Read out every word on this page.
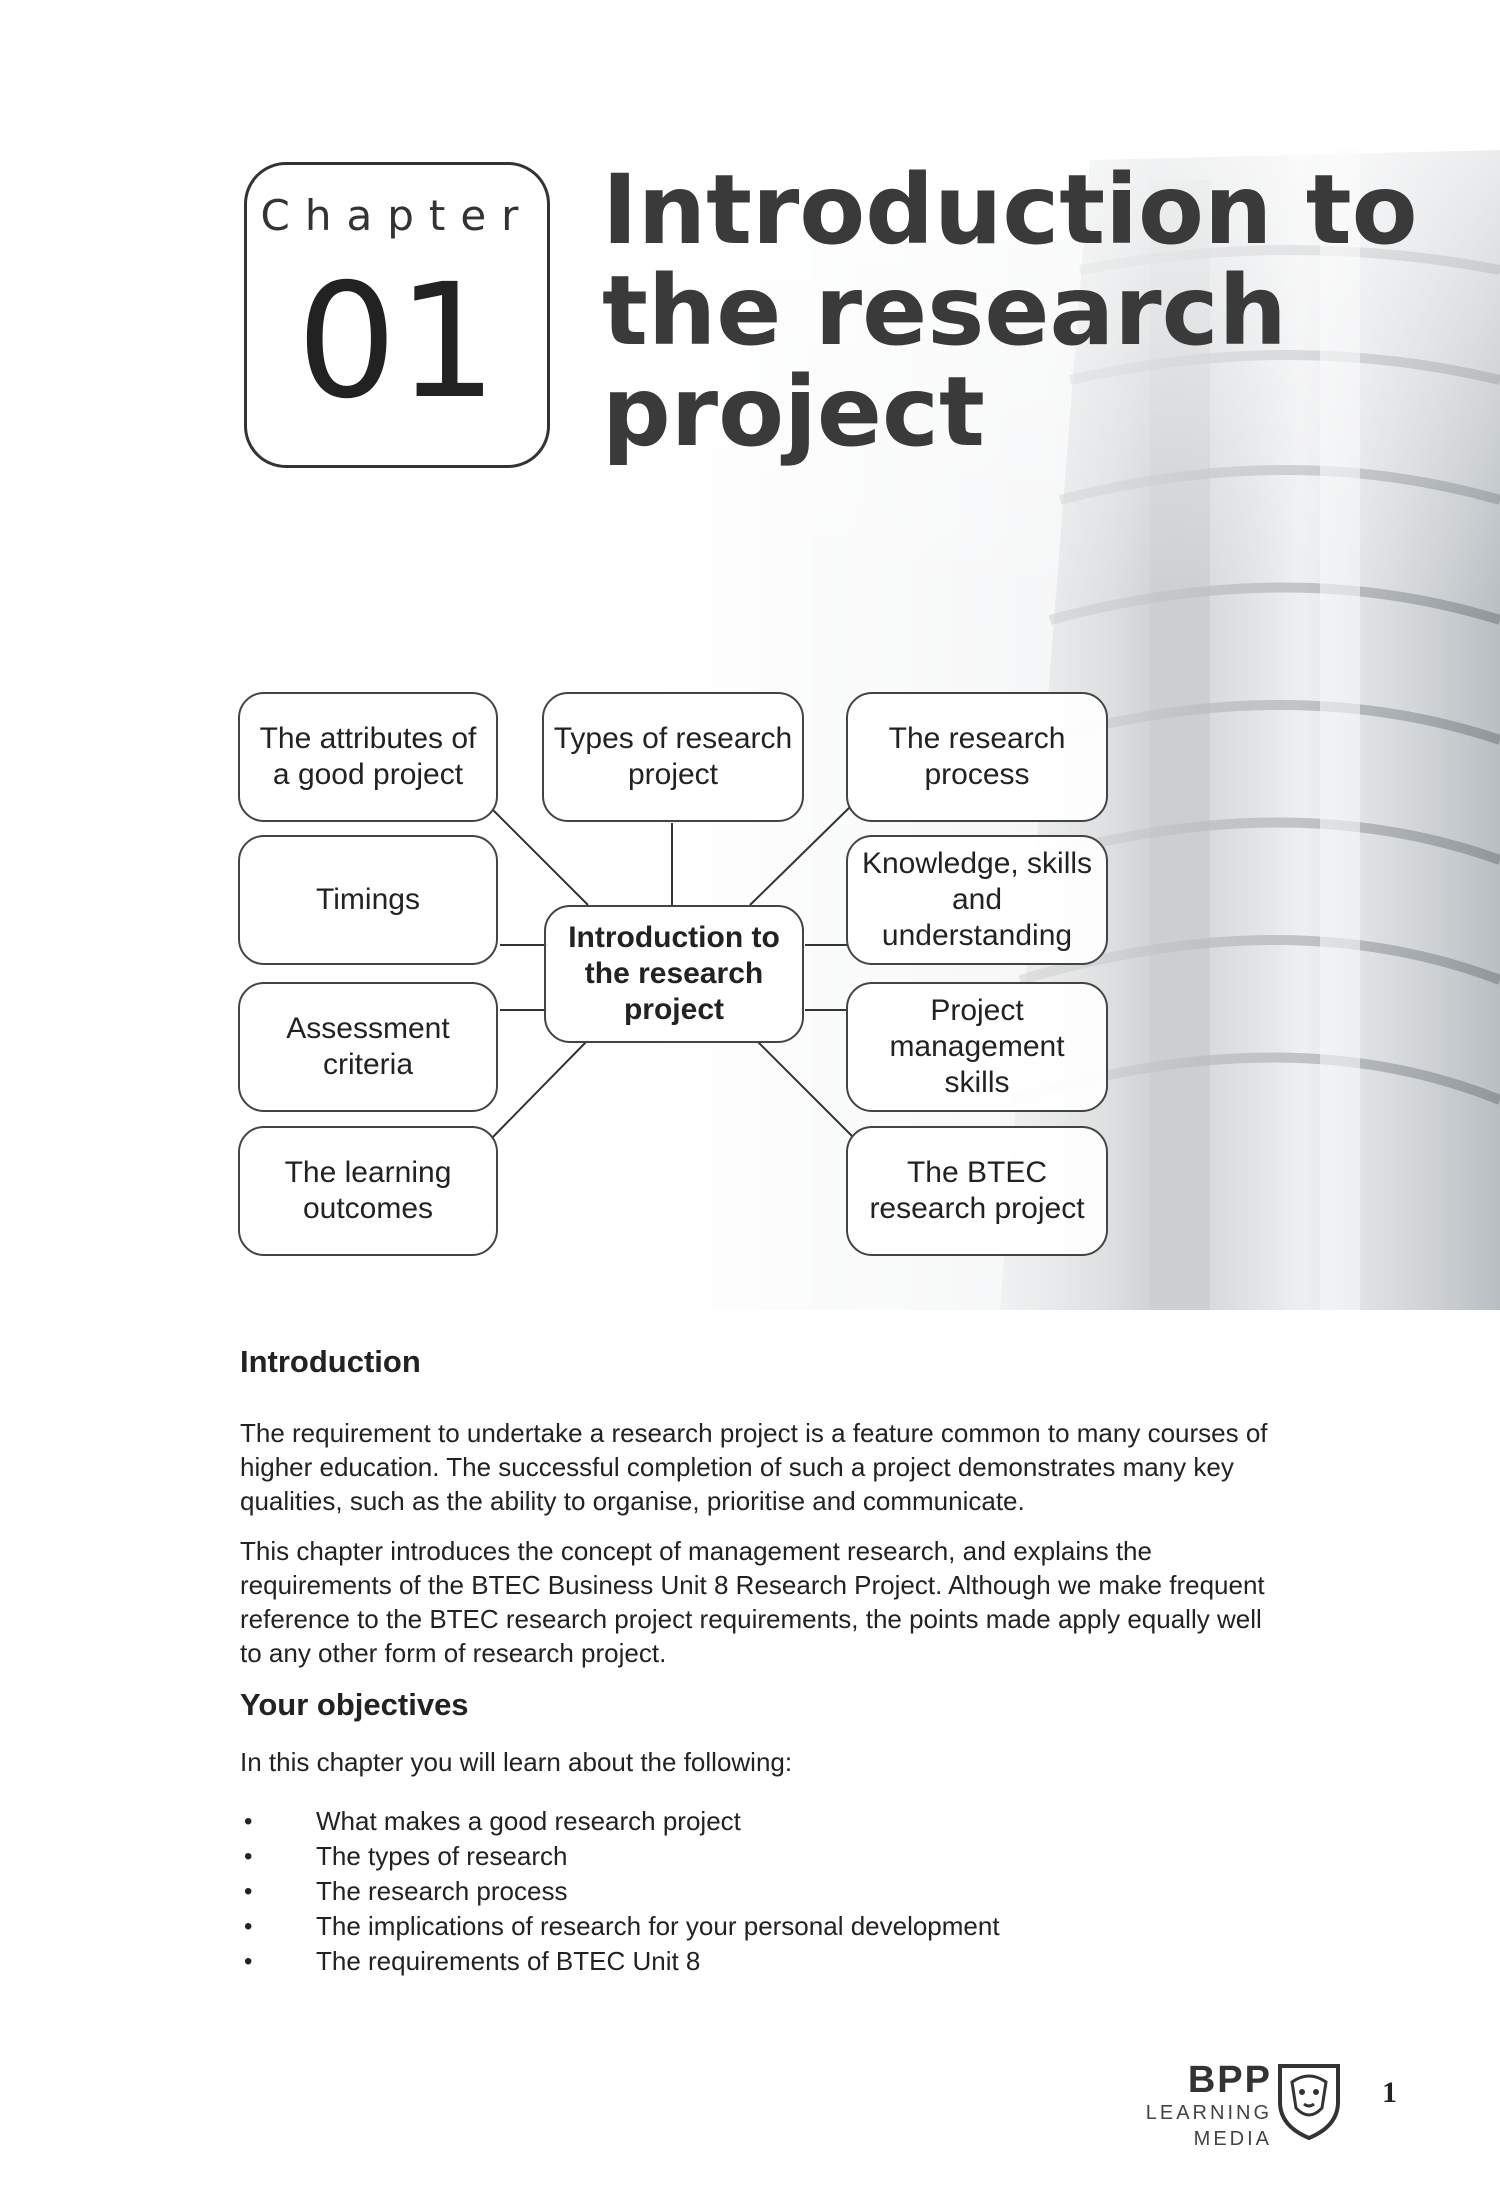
Chapter
01
Introduction to
the research
project
The attributes of a good project
Types of research project
The research process
Timings
Knowledge, skills and understanding
Introduction to the research project
Assessment criteria
Project management skills
The learning outcomes
The BTEC research project
Introduction

The requirement to undertake a research project is a feature common to many courses of higher education. The successful completion of such a project demonstrates many key qualities, such as the ability to organise, prioritise and communicate.

This chapter introduces the concept of management research, and explains the requirements of the BTEC Business Unit 8 Research Project. Although we make frequent reference to the BTEC research project requirements, the points made apply equally well to any other form of research project.

Your objectives

In this chapter you will learn about the following:

• What makes a good research project
• The types of research
• The research process
• The implications of research for your personal development
• The requirements of BTEC Unit 8
BPP
LEARNING MEDIA
1
